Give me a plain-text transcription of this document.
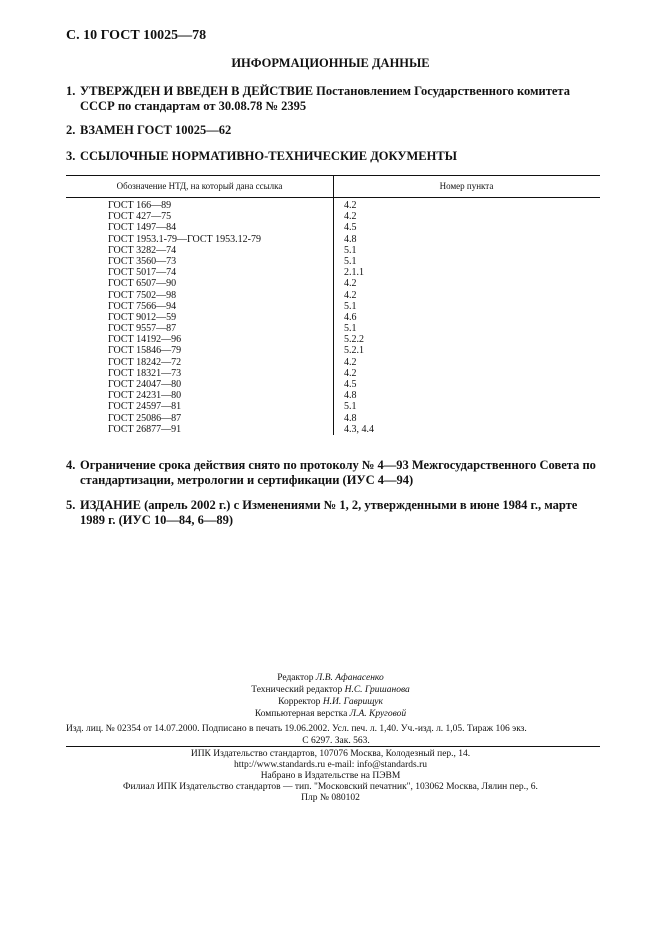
С. 10 ГОСТ 10025—78
ИНФОРМАЦИОННЫЕ ДАННЫЕ
1. УТВЕРЖДЕН И ВВЕДЕН В ДЕЙСТВИЕ Постановлением Государственного комитета СССР по стандартам от 30.08.78 № 2395
2. ВЗАМЕН ГОСТ 10025—62
3. ССЫЛОЧНЫЕ НОРМАТИВНО-ТЕХНИЧЕСКИЕ ДОКУМЕНТЫ
Обозначение НТД, на который дана ссылка	Номер пункта
ГОСТ 166—89	4.2
ГОСТ 427—75	4.2
ГОСТ 1497—84	4.5
ГОСТ 1953.1-79—ГОСТ 1953.12-79	4.8
ГОСТ 3282—74	5.1
ГОСТ 3560—73	5.1
ГОСТ 5017—74	2.1.1
ГОСТ 6507—90	4.2
ГОСТ 7502—98	4.2
ГОСТ 7566—94	5.1
ГОСТ 9012—59	4.6
ГОСТ 9557—87	5.1
ГОСТ 14192—96	5.2.2
ГОСТ 15846—79	5.2.1
ГОСТ 18242—72	4.2
ГОСТ 18321—73	4.2
ГОСТ 24047—80	4.5
ГОСТ 24231—80	4.8
ГОСТ 24597—81	5.1
ГОСТ 25086—87	4.8
ГОСТ 26877—91	4.3, 4.4
4. Ограничение срока действия снято по протоколу № 4—93 Межгосударственного Совета по стандартизации, метрологии и сертификации (ИУС 4—94)
5. ИЗДАНИЕ (апрель 2002 г.) с Изменениями № 1, 2, утвержденными в июне 1984 г., марте 1989 г. (ИУС 10—84, 6—89)
Редактор Л.В. Афанасенко
Технический редактор Н.С. Гришанова
Корректор Н.И. Гаврищук
Компьютерная верстка Л.А. Круговой
Изд. лиц. № 02354 от 14.07.2000. Подписано в печать 19.06.2002. Усл. печ. л. 1,40. Уч.-изд. л. 1,05. Тираж 106 экз.
С 6297. Зак. 563.
ИПК Издательство стандартов, 107076 Москва, Колодезный пер., 14.
http://www.standards.ru e-mail: info@standards.ru
Набрано в Издательстве на ПЭВМ
Филиал ИПК Издательство стандартов — тип. "Московский печатник", 103062 Москва, Лялин пер., 6.
Плр № 080102
